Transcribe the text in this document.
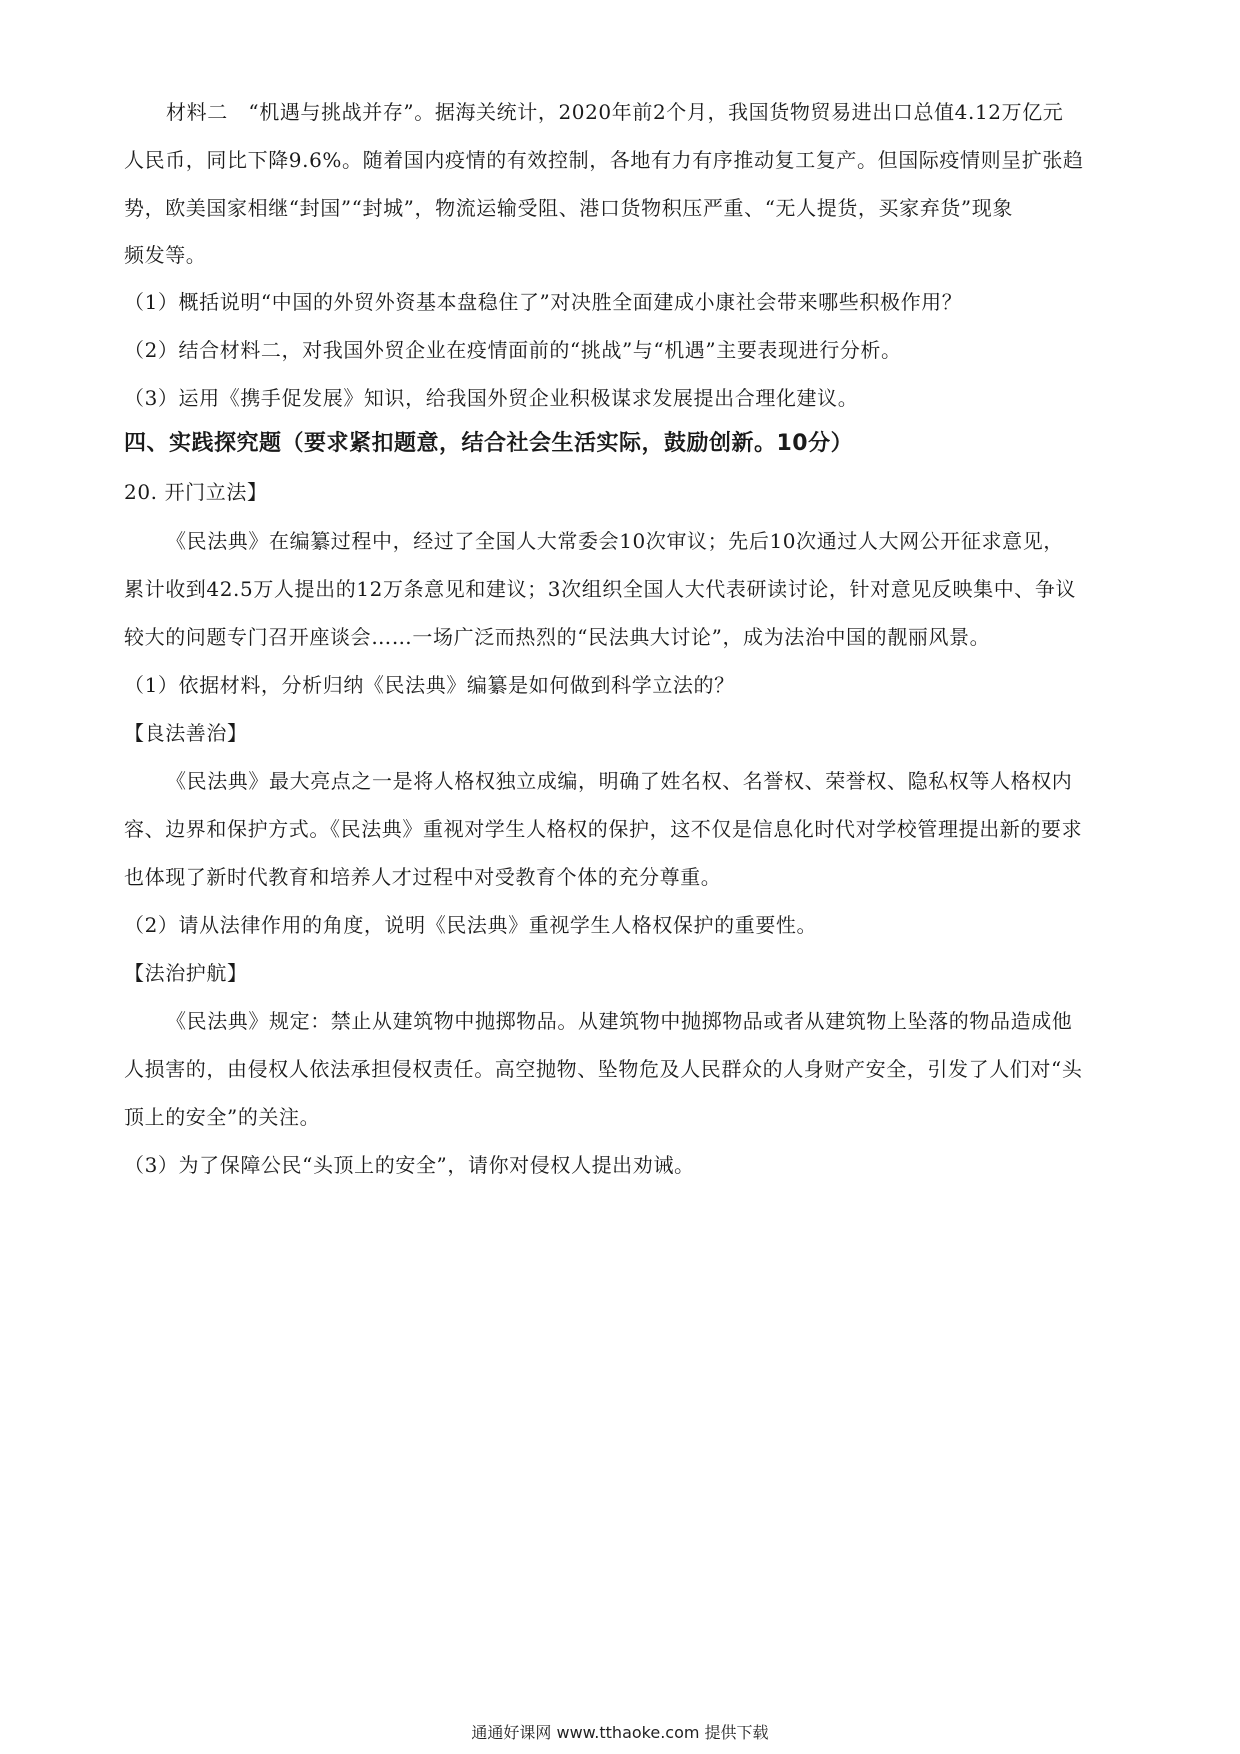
材料二　“机遇与挑战并存”。据海关统计，2020年前2个月，我国货物贸易进出口总值4.12万亿元
人民币，同比下降9.6%。随着国内疫情的有效控制，各地有力有序推动复工复产。但国际疫情则呈扩张趋
势，欧美国家相继“封国”“封城”，物流运输受阻、港口货物积压严重、“无人提货，买家弃货”现象
频发等。
（1）概括说明“中国的外贸外资基本盘稳住了”对决胜全面建成小康社会带来哪些积极作用？
（2）结合材料二，对我国外贸企业在疫情面前的“挑战”与“机遇”主要表现进行分析。
（3）运用《携手促发展》知识，给我国外贸企业积极谋求发展提出合理化建议。
四、实践探究题（要求紧扣题意，结合社会生活实际，鼓励创新。10分）
20. 开门立法】
《民法典》在编纂过程中，经过了全国人大常委会10次审议；先后10次通过人大网公开征求意见，
累计收到42.5万人提出的12万条意见和建议；3次组织全国人大代表研读讨论，针对意见反映集中、争议
较大的问题专门召开座谈会……一场广泛而热烈的“民法典大讨论”，成为法治中国的靓丽风景。
（1）依据材料，分析归纳《民法典》编纂是如何做到科学立法的？
【良法善治】
《民法典》最大亮点之一是将人格权独立成编，明确了姓名权、名誉权、荣誉权、隐私权等人格权内
容、边界和保护方式。《民法典》重视对学生人格权的保护，这不仅是信息化时代对学校管理提出新的要求
也体现了新时代教育和培养人才过程中对受教育个体的充分尊重。
（2）请从法律作用的角度，说明《民法典》重视学生人格权保护的重要性。
【法治护航】
《民法典》规定：禁止从建筑物中抛掷物品。从建筑物中抛掷物品或者从建筑物上坠落的物品造成他
人损害的，由侵权人依法承担侵权责任。高空抛物、坠物危及人民群众的人身财产安全，引发了人们对“头
顶上的安全”的关注。
（3）为了保障公民“头顶上的安全”，请你对侵权人提出劝诫。
通通好课网 www.tthaoke.com 提供下载
